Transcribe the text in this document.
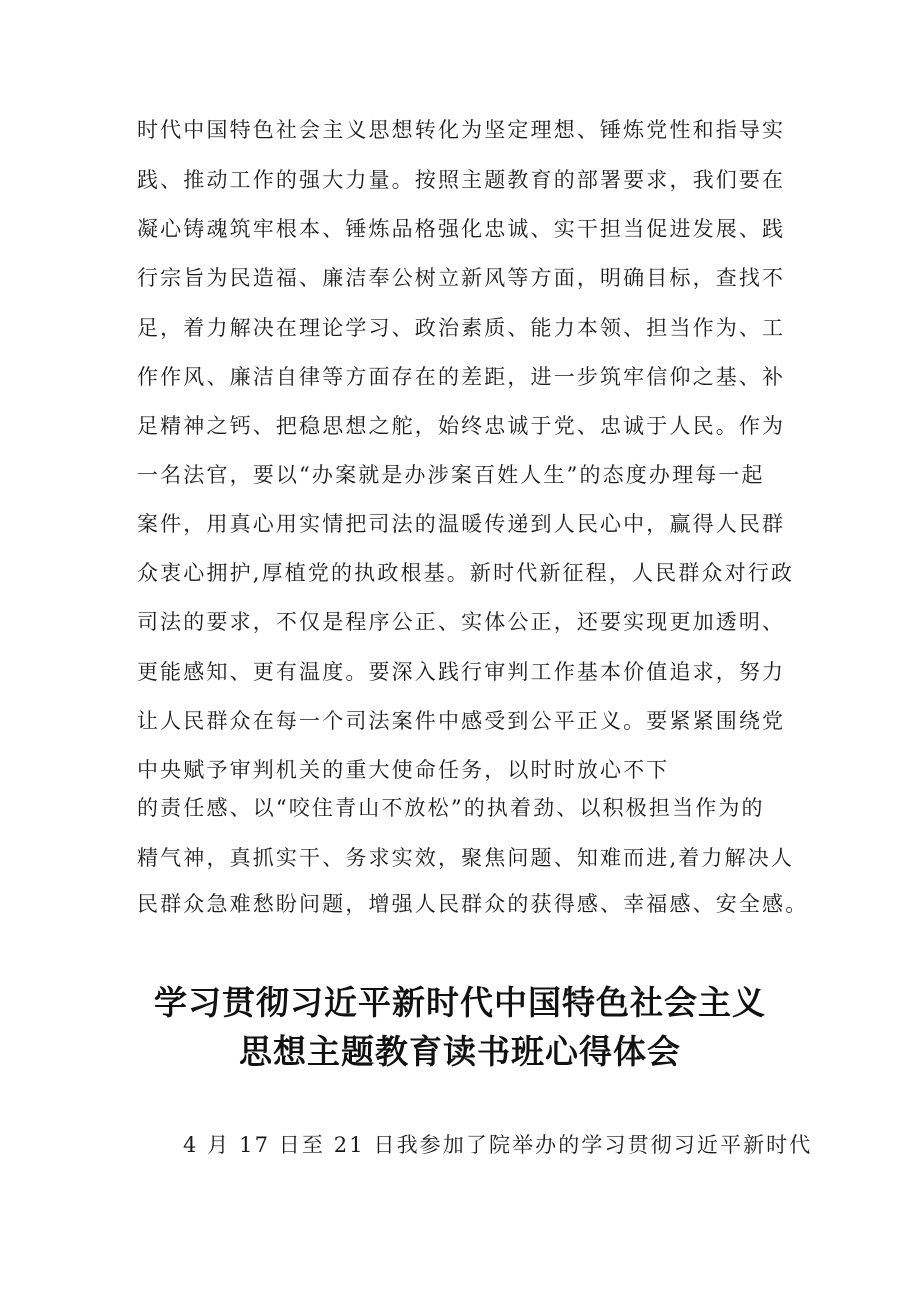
时代中国特色社会主义思想转化为坚定理想、锤炼党性和指导实
践、推动工作的强大力量。按照主题教育的部署要求，我们要在
凝心铸魂筑牢根本、锤炼品格强化忠诚、实干担当促进发展、践
行宗旨为民造福、廉洁奉公树立新风等方面，明确目标，查找不
足，着力解决在理论学习、政治素质、能力本领、担当作为、工
作作风、廉洁自律等方面存在的差距，进一步筑牢信仰之基、补
足精神之钙、把稳思想之舵，始终忠诚于党、忠诚于人民。作为
一名法官，要以“办案就是办涉案百姓人生”的态度办理每一起
案件，用真心用实情把司法的温暖传递到人民心中，赢得人民群
众衷心拥护,厚植党的执政根基。新时代新征程，人民群众对行政
司法的要求，不仅是程序公正、实体公正，还要实现更加透明、
更能感知、更有温度。要深入践行审判工作基本价值追求，努力
让人民群众在每一个司法案件中感受到公平正义。要紧紧围绕党
中央赋予审判机关的重大使命任务，以时时放心不下
的责任感、以“咬住青山不放松”的执着劲、以积极担当作为的
精气神，真抓实干、务求实效，聚焦问题、知难而进,着力解决人
民群众急难愁盼问题，增强人民群众的获得感、幸福感、安全感。
学习贯彻习近平新时代中国特色社会主义
思想主题教育读书班心得体会
4 月 17 日至 21 日我参加了院举办的学习贯彻习近平新时代
